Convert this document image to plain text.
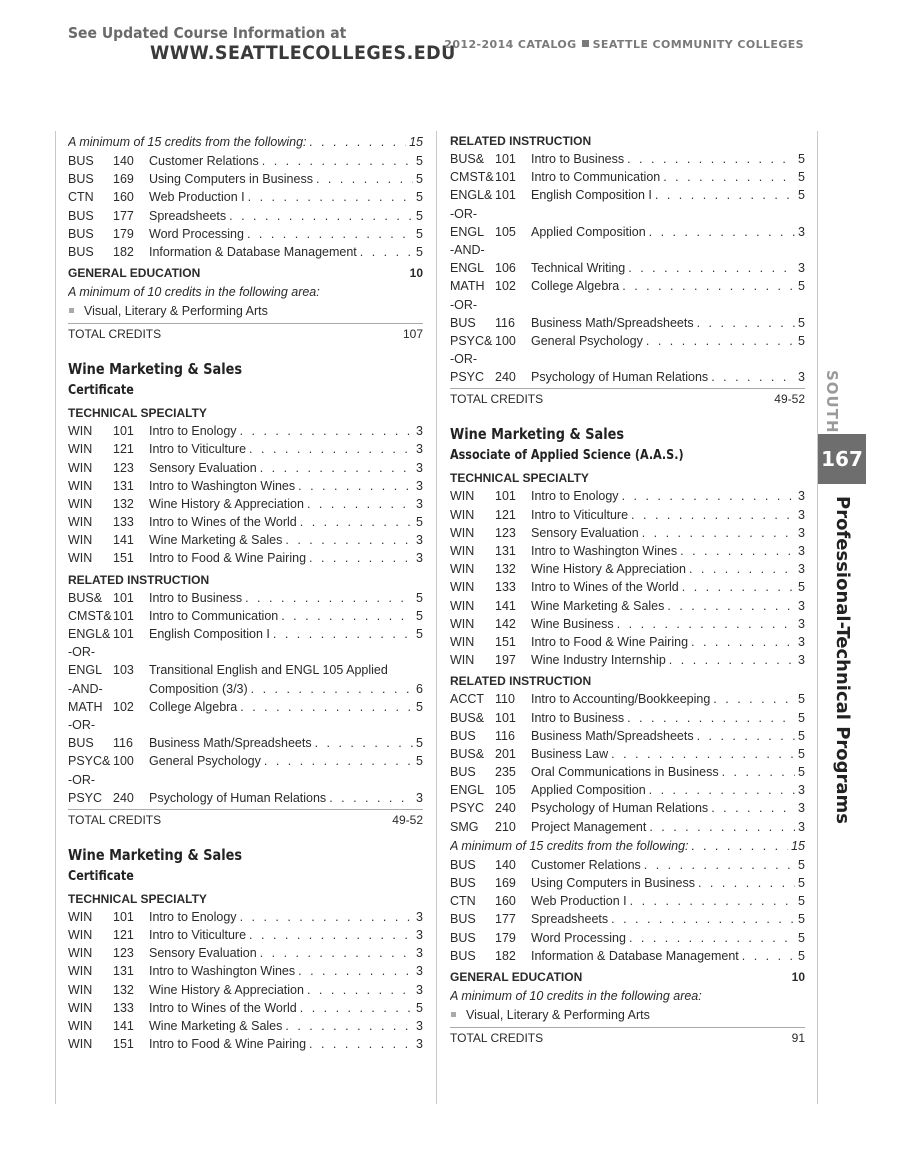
See Updated Course Information at
WWW.SEATTLECOLLEGES.EDU
2012-2014 CATALOG SEATTLE COMMUNITY COLLEGES
A minimum of 15 credits from the following: . . .	15
BUS 140 Customer Relations . . .	5
BUS 169 Using Computers in Business . . .	5
CTN 160 Web Production I . . .	5
BUS 177 Spreadsheets . . .	5
BUS 179 Word Processing . . .	5
BUS 182 Information & Database Management . . .	5
GENERAL EDUCATION	10
A minimum of 10 credits in the following area:
Visual, Literary & Performing Arts
TOTAL CREDITS	107
Wine Marketing & Sales
Certificate
TECHNICAL SPECIALTY
WIN 101 Intro to Enology . . .	3
WIN 121 Intro to Viticulture . . .	3
WIN 123 Sensory Evaluation . . .	3
WIN 131 Intro to Washington Wines . . .	3
WIN 132 Wine History & Appreciation . . .	3
WIN 133 Intro to Wines of the World . . .	5
WIN 141 Wine Marketing & Sales . . .	3
WIN 151 Intro to Food & Wine Pairing . . .	3
RELATED INSTRUCTION
BUS& 101 Intro to Business . . .	5
CMST& 101 Intro to Communication . . .	5
ENGL& 101 English Composition I . . .	5
-OR-
ENGL 103 Transitional English and ENGL 105 Applied
-AND-	Composition (3/3) . . .	6
MATH 102 College Algebra . . .	5
-OR-
BUS 116 Business Math/Spreadsheets . . .	5
PSYC& 100 General Psychology . . .	5
-OR-
PSYC 240 Psychology of Human Relations . . .	3
TOTAL CREDITS	49-52
Wine Marketing & Sales
Certificate
TECHNICAL SPECIALTY
WIN 101 Intro to Enology . . .	3
WIN 121 Intro to Viticulture . . .	3
WIN 123 Sensory Evaluation . . .	3
WIN 131 Intro to Washington Wines . . .	3
WIN 132 Wine History & Appreciation . . .	3
WIN 133 Intro to Wines of the World . . .	5
WIN 141 Wine Marketing & Sales . . .	3
WIN 151 Intro to Food & Wine Pairing . . .	3
RELATED INSTRUCTION
BUS& 101 Intro to Business . . .	5
CMST& 101 Intro to Communication . . .	5
ENGL& 101 English Composition I . . .	5
-OR-
ENGL 105 Applied Composition . . .	3
-AND-
ENGL 106 Technical Writing . . .	3
MATH 102 College Algebra . . .	5
-OR-
BUS 116 Business Math/Spreadsheets . . .	5
PSYC& 100 General Psychology . . .	5
-OR-
PSYC 240 Psychology of Human Relations . . .	3
TOTAL CREDITS	49-52
Wine Marketing & Sales
Associate of Applied Science (A.A.S.)
TECHNICAL SPECIALTY
WIN 101 Intro to Enology . . .	3
WIN 121 Intro to Viticulture . . .	3
WIN 123 Sensory Evaluation . . .	3
WIN 131 Intro to Washington Wines . . .	3
WIN 132 Wine History & Appreciation . . .	3
WIN 133 Intro to Wines of the World . . .	5
WIN 141 Wine Marketing & Sales . . .	3
WIN 142 Wine Business . . .	3
WIN 151 Intro to Food & Wine Pairing . . .	3
WIN 197 Wine Industry Internship . . .	3
RELATED INSTRUCTION
ACCT 110 Intro to Accounting/Bookkeeping . . .	5
BUS& 101 Intro to Business . . .	5
BUS 116 Business Math/Spreadsheets . . .	5
BUS& 201 Business Law . . .	5
BUS 235 Oral Communications in Business . . .	5
ENGL 105 Applied Composition . . .	3
PSYC 240 Psychology of Human Relations . . .	3
SMG 210 Project Management . . .	3
A minimum of 15 credits from the following: . . .	15
BUS 140 Customer Relations . . .	5
BUS 169 Using Computers in Business . . .	5
CTN 160 Web Production I . . .	5
BUS 177 Spreadsheets . . .	5
BUS 179 Word Processing . . .	5
BUS 182 Information & Database Management . . .	5
GENERAL EDUCATION	10
A minimum of 10 credits in the following area:
Visual, Literary & Performing Arts
TOTAL CREDITS	91
SOUTH
167
Professional-Technical Programs
